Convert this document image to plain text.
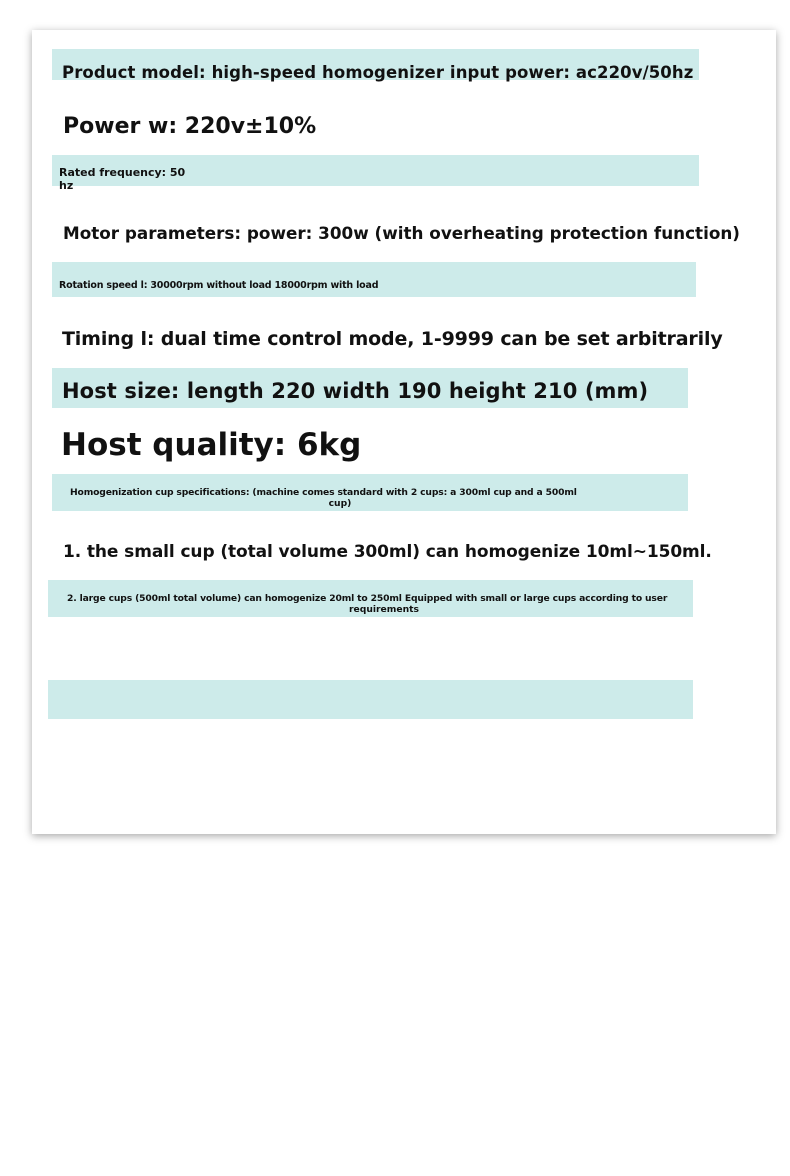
Product model: high-speed homogenizer input power: ac220v/50hz
Power w: 220v±10%
Rated frequency: 50
hz
Motor parameters: power: 300w (with overheating protection function)
Rotation speed l: 30000rpm without load 18000rpm with load
Timing l: dual time control mode, 1-9999 can be set arbitrarily
Host size: length 220 width 190 height 210 (mm)
Host quality: 6kg
Homogenization cup specifications: (machine comes standard with 2 cups: a 300ml cup and a 500ml
cup)
1. the small cup (total volume 300ml) can homogenize 10ml~150ml.
2. large cups (500ml total volume) can homogenize 20ml to 250ml Equipped with small or large cups according to user
requirements
